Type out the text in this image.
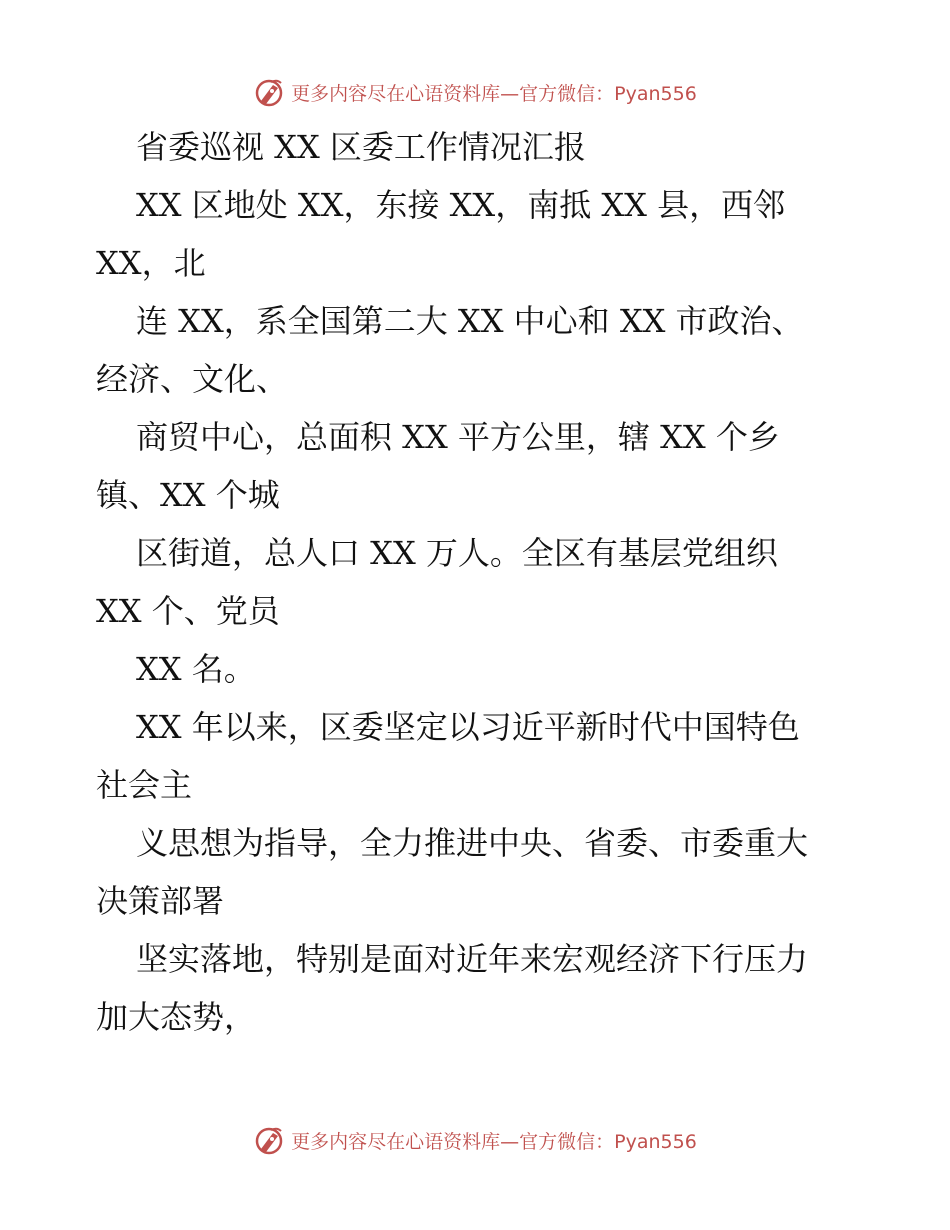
更多内容尽在心语资料库—官方微信：Pyan556
省委巡视 XX 区委工作情况汇报
XX 区地处 XX，东接 XX，南抵 XX 县，西邻
XX，北
连 XX，系全国第二大 XX 中心和 XX 市政治、
经济、文化、
商贸中心，总面积 XX 平方公里，辖 XX 个乡
镇、XX 个城
区街道，总人口 XX 万人。全区有基层党组织
XX 个、党员
XX 名。
XX 年以来，区委坚定以习近平新时代中国特色
社会主
义思想为指导，全力推进中央、省委、市委重大
决策部署
坚实落地，特别是面对近年来宏观经济下行压力
加大态势，
更多内容尽在心语资料库—官方微信：Pyan556
